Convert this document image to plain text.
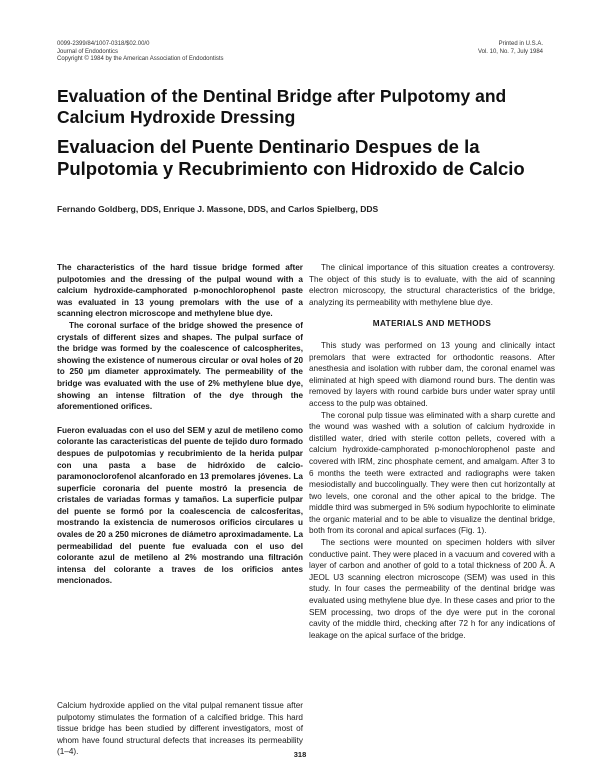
0099-2399/84/1007-0318/$02.00/0
Journal of Endodontics
Copyright © 1984 by the American Association of Endodontists
Printed in U.S.A.
Vol. 10, No. 7, July 1984
Evaluation of the Dentinal Bridge after Pulpotomy and Calcium Hydroxide Dressing
Evaluacion del Puente Dentinario Despues de la Pulpotomia y Recubrimiento con Hidroxido de Calcio

Fernando Goldberg, DDS, Enrique J. Massone, DDS, and Carlos Spielberg, DDS

The characteristics of the hard tissue bridge formed after pulpotomies and the dressing of the pulpal wound with a calcium hydroxide-camphorated p-monochlorophenol paste was evaluated in 13 young premolars with the use of a scanning electron microscope and methylene blue dye.

The coronal surface of the bridge showed the presence of crystals of different sizes and shapes. The pulpal surface of the bridge was formed by the coalescence of calcospherites, showing the existence of numerous circular or oval holes of 20 to 250 µm diameter approximately. The permeability of the bridge was evaluated with the use of 2% methylene blue dye, showing an intense filtration of the dye through the aforementioned orifices.

Fueron evaluadas con el uso del SEM y azul de metileno como colorante las caracteristicas del puente de tejido duro formado despues de pulpotomias y recubrimiento de la herida pulpar con una pasta a base de hidróxido de calcio-paramonoclorofenol alcanforado en 13 premolares jóvenes. La superficie coronaria del puente mostró la presencia de cristales de variadas formas y tamaños. La superficie pulpar del puente se formó por la coalescencia de calcosferitas, mostrando la existencia de numerosos orificios circulares u ovales de 20 a 250 micrones de diámetro aproximadamente. La permeabilidad del puente fue evaluada con el uso del colorante azul de metileno al 2% mostrando una filtración intensa del colorante a traves de los orificios antes mencionados.

Calcium hydroxide applied on the vital pulpal remanent tissue after pulpotomy stimulates the formation of a calcified bridge. This hard tissue bridge has been studied by different investigators, most of whom have found structural defects that increases its permeability (1–4).

The clinical importance of this situation creates a controversy. The object of this study is to evaluate, with the aid of scanning electron microscopy, the structural characteristics of the bridge, analyzing its permeability with methylene blue dye.

MATERIALS AND METHODS

This study was performed on 13 young and clinically intact premolars that were extracted for orthodontic reasons. After anesthesia and isolation with rubber dam, the coronal enamel was eliminated at high speed with diamond round burs. The dentin was removed by layers with round carbide burs under water spray until access to the pulp was obtained.

The coronal pulp tissue was eliminated with a sharp curette and the wound was washed with a solution of calcium hydroxide in distilled water, dried with sterile cotton pellets, covered with a calcium hydroxide-camphorated p-monochlorophenol paste and covered with IRM, zinc phosphate cement, and amalgam. After 3 to 6 months the teeth were extracted and radiographs were taken mesiodistally and buccolingually. They were then cut horizontally at two levels, one coronal and the other apical to the bridge. The middle third was submerged in 5% sodium hypochlorite to eliminate the organic material and to be able to visualize the dentinal bridge, both from its coronal and apical surfaces (Fig. 1).

The sections were mounted on specimen holders with silver conductive paint. They were placed in a vacuum and covered with a layer of carbon and another of gold to a total thickness of 200 Å. A JEOL U3 scanning electron microscope (SEM) was used in this study. In four cases the permeability of the dentinal bridge was evaluated using methylene blue dye. In these cases and prior to the SEM processing, two drops of the dye were put in the coronal cavity of the middle third, checking after 72 h for any indications of leakage on the apical surface of the bridge.

318
